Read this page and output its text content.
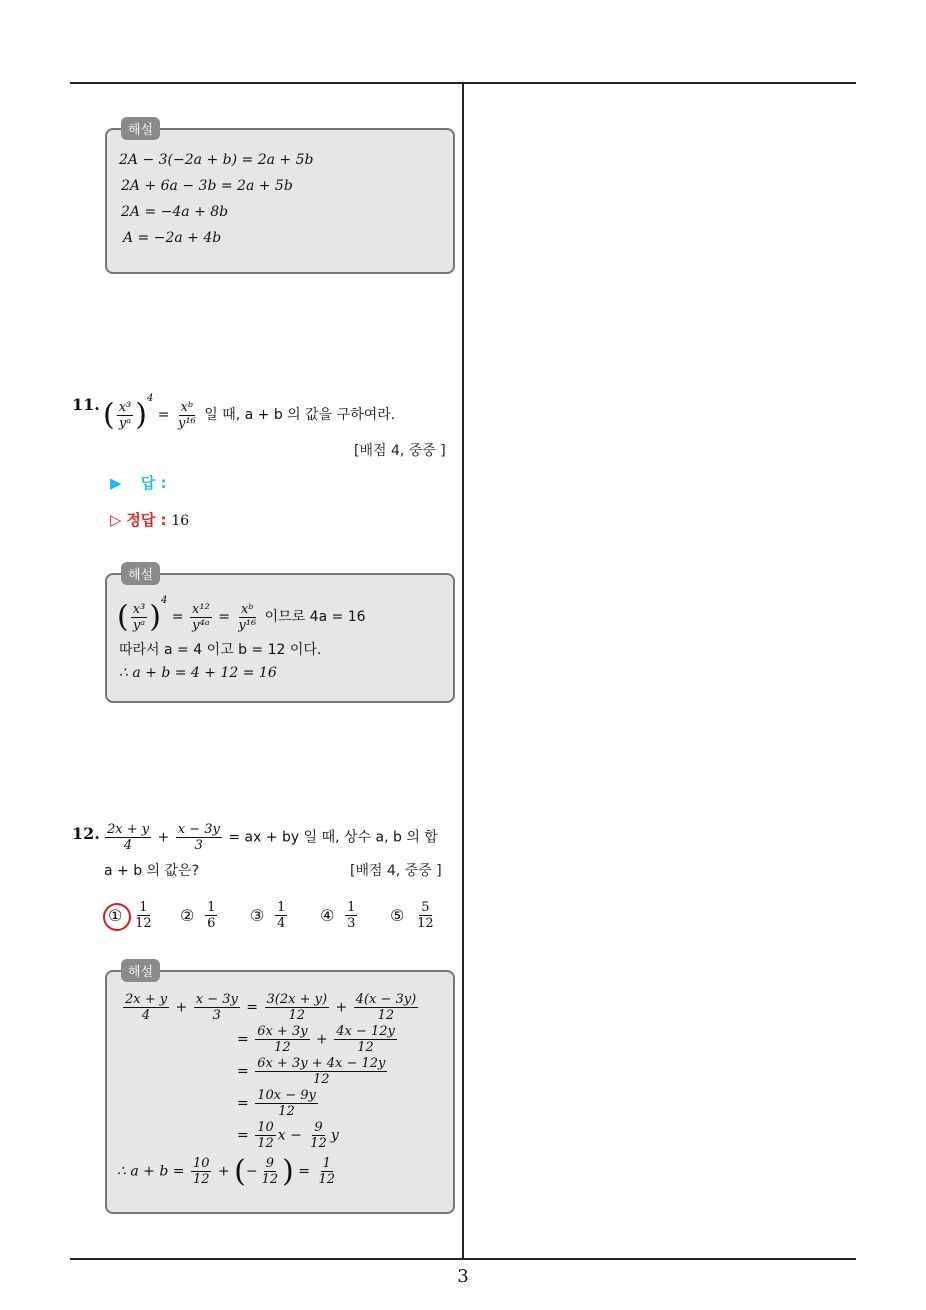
해설
2A − 3(−2a + b) = 2a + 5b
2A + 6a − 3b = 2a + 5b
2A = −4a + 8b
A = −2a + 4b
11. ( $\frac{\text{x³}}{\text{yᵃ}} )^4 = \frac{\text{xᵇ}}{\text{y¹⁶}}$ 일 때, a + b 의 값을 구하여라.
[배점 4, 중중 ]
▶ 답 :
▷ 정답 : 16
해설
( $\frac{\text{x³}}{\text{yᵃ}} )^4 = \frac{\text{x¹²}}{\text{y⁴ᵃ}} = \frac{\text{xᵇ}}{\text{y¹⁶}}$ 이므로 4a = 16
따라서 a = 4 이고 b = 12 이다.
∴ a + b = 4 + 12 = 16
12. $\frac{2x + y}{4} + \frac{x - 3y}{3}$ = ax + by 일 때, 상수 a, b 의 합
a + b 의 값은?	[배점 4, 중중 ]
① $\frac{1}{12}$ ② $\frac{1}{6}$ ③ $\frac{1}{4}$ ④ $\frac{1}{3}$ ⑤ $\frac{5}{12}$
해설
$\frac{2x + y}{4} + \frac{x - 3y}{3} = \frac{3(2x + y)}{12} + \frac{4(x - 3y)}{12}$
= $\frac{6x + 3y}{12} + \frac{4x - 12y}{12}$
= $\frac{6x + 3y + 4x - 12y}{12}$
= $\frac{10x - 9y}{12}$
= $\frac{10}{12}$ $x - \frac{9}{12}$ y
∴ $a + b = \frac{10}{12}$ + (− $\frac{9}{12}$ ) = $\frac{1}{12}$
3
